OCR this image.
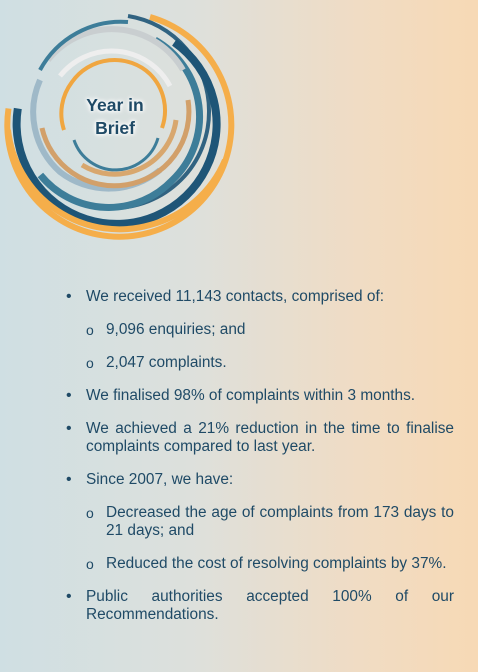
Year in
Brief
• We received 11,143 contacts, comprised of:
o 9,096 enquiries; and
o 2,047 complaints.
• We finalised 98% of complaints within 3 months.
• We achieved a 21% reduction in the time to finalise complaints compared to last year.
• Since 2007, we have:
o Decreased the age of complaints from 173 days to 21 days; and
o Reduced the cost of resolving complaints by 37%.
• Public authorities accepted 100% of our Recommendations.
